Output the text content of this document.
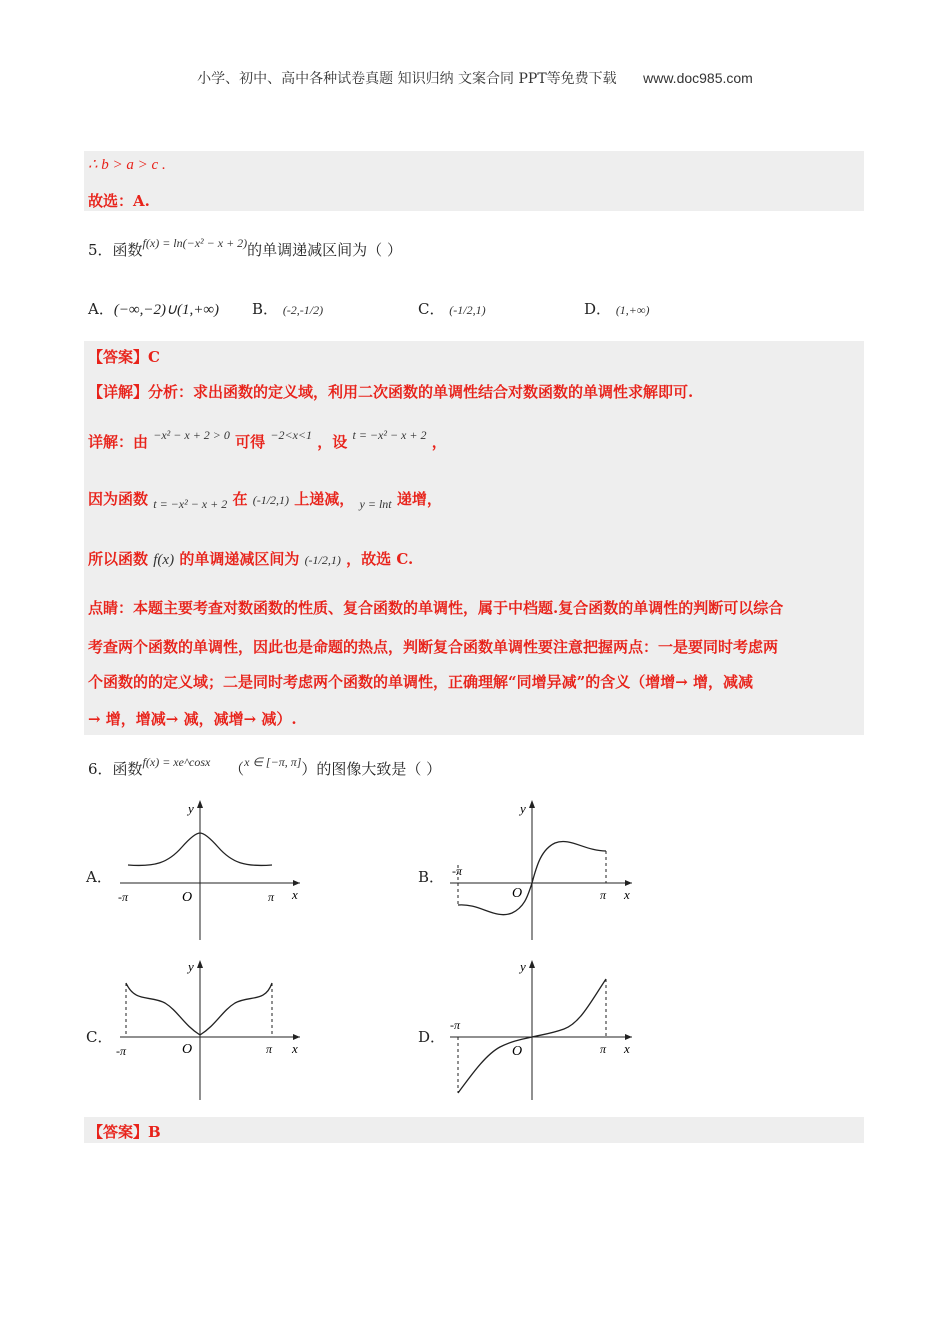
小学、初中、高中各种试卷真题 知识归纳 文案合同 PPT等免费下载 www.doc985.com
∴ b > a > c .
故选：A.
5．函数$^{f(x) = ln(-x^2 - x + 2)}$的单调递减区间为（ ）
A．(−∞,−2)∪(1,+∞) B． (-2,-1/2)	C． (-1/2,1)	D． (1,+∞)
【答案】C
【详解】分析：求出函数的定义域，利用二次函数的单调性结合对数函数的单调性求解即可.
详解：由 $^{-x^2 - x + 2 > 0}$ 可得 $^{-2<x<1}$ ，设 $^{t = -x^2 - x + 2}$ ，
因为函数 $_{t = -x^2 - x + 2}$ 在 (-1/2,1) 上递减， $_{y = lnt}$ 递增，
所以函数 f(x) 的单调递减区间为 (-1/2,1) ，故选 C.
点睛：本题主要考查对数函数的性质、复合函数的单调性，属于中档题.复合函数的单调性的判断可以综合
考查两个函数的单调性，因此也是命题的热点，判断复合函数单调性要注意把握两点：一是要同时考虑两
个函数的的定义域；二是同时考虑两个函数的单调性，正确理解“同增异减”的含义（增增→ 增，减减
→ 增，增减→ 减，减增→ 减）.
6．函数$^{f(x) = xe\^{}cosx}$ （$^{x \in [-\pi, \pi]}$）的图像大致是（ ）
A．	B．
C．	D．
y
x
O
-π	π
y
x
O
-π
π
y
x
O
-π	π
y
x
O
-π
π
【答案】B
